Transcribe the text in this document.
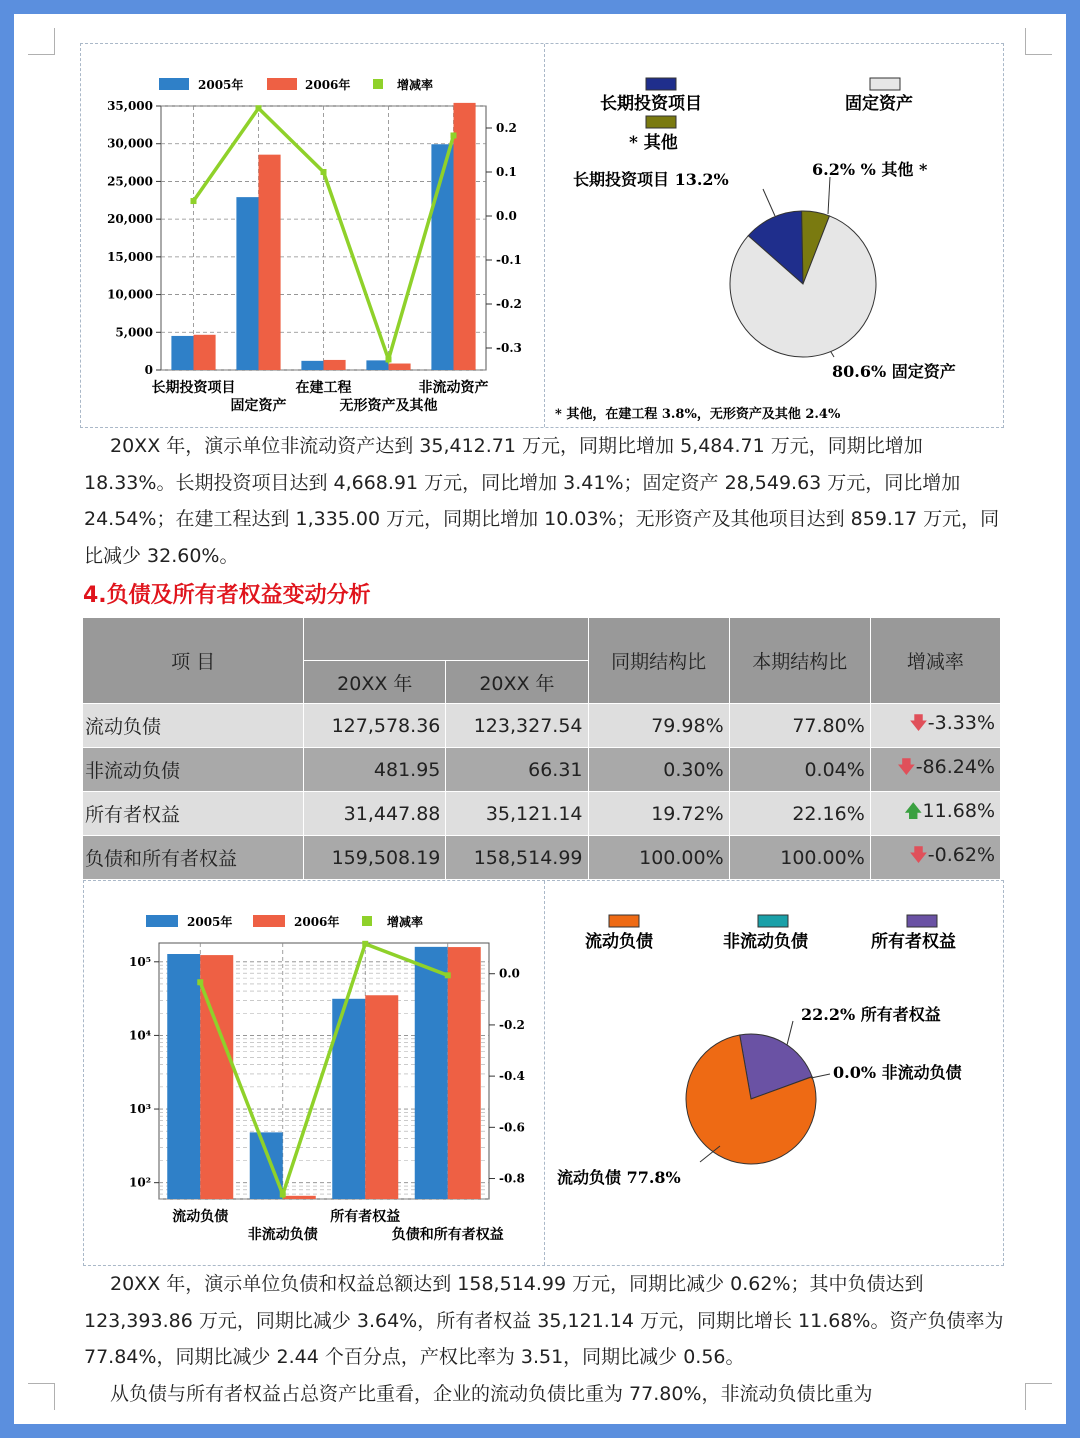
2005年	2006年	增减率
0
5,000
10,000
15,000
20,000
25,000
30,000
35,000
0.2
0.1
0.0
-0.1
-0.2
-0.3
长期投资项目
固定资产
在建工程
无形资产及其他
非流动资产
长期投资项目	固定资产
* 其他
长期投资项目 13.2%
6.2% % 其他 *
80.6% 固定资产
* 其他，在建工程 3.8%，无形资产及其他 2.4%

20XX 年，演示单位非流动资产达到 35,412.71 万元，同期比增加 5,484.71 万元，同期比增加 18.33%。长期投资项目达到 4,668.91 万元，同比增加 3.41%；固定资产 28,549.63 万元，同比增加 24.54%；在建工程达到 1,335.00 万元，同期比增加 10.03%；无形资产及其他项目达到 859.17 万元，同比减少 32.60%。

4.负债及所有者权益变动分析
项 目			同期结构比	本期结构比	增减率
	20XX 年	20XX 年			
流动负债	127,578.36	123,327.54	79.98%	77.80%	🡇-3.33%
非流动负债	481.95	66.31	0.30%	0.04%	🡇-86.24%
所有者权益	31,447.88	35,121.14	19.72%	22.16%	🡅11.68%
负债和所有者权益	159,508.19	158,514.99	100.00%	100.00%	🡇-0.62%
2005年	2006年	增减率
10²
10³
10⁴
10⁵
0.0
-0.2
-0.4
-0.6
-0.8
流动负债
非流动负债
所有者权益
负债和所有者权益
流动负债	非流动负债	所有者权益
22.2% 所有者权益
0.0% 非流动负债
流动负债 77.8%

20XX 年，演示单位负债和权益总额达到 158,514.99 万元，同期比减少 0.62%；其中负债达到 123,393.86 万元，同期比减少 3.64%，所有者权益 35,121.14 万元，同期比增长 11.68%。资产负债率为 77.84%，同期比减少 2.44 个百分点，产权比率为 3.51，同期比减少 0.56。

从负债与所有者权益占总资产比重看，企业的流动负债比重为 77.80%，非流动负债比重为
